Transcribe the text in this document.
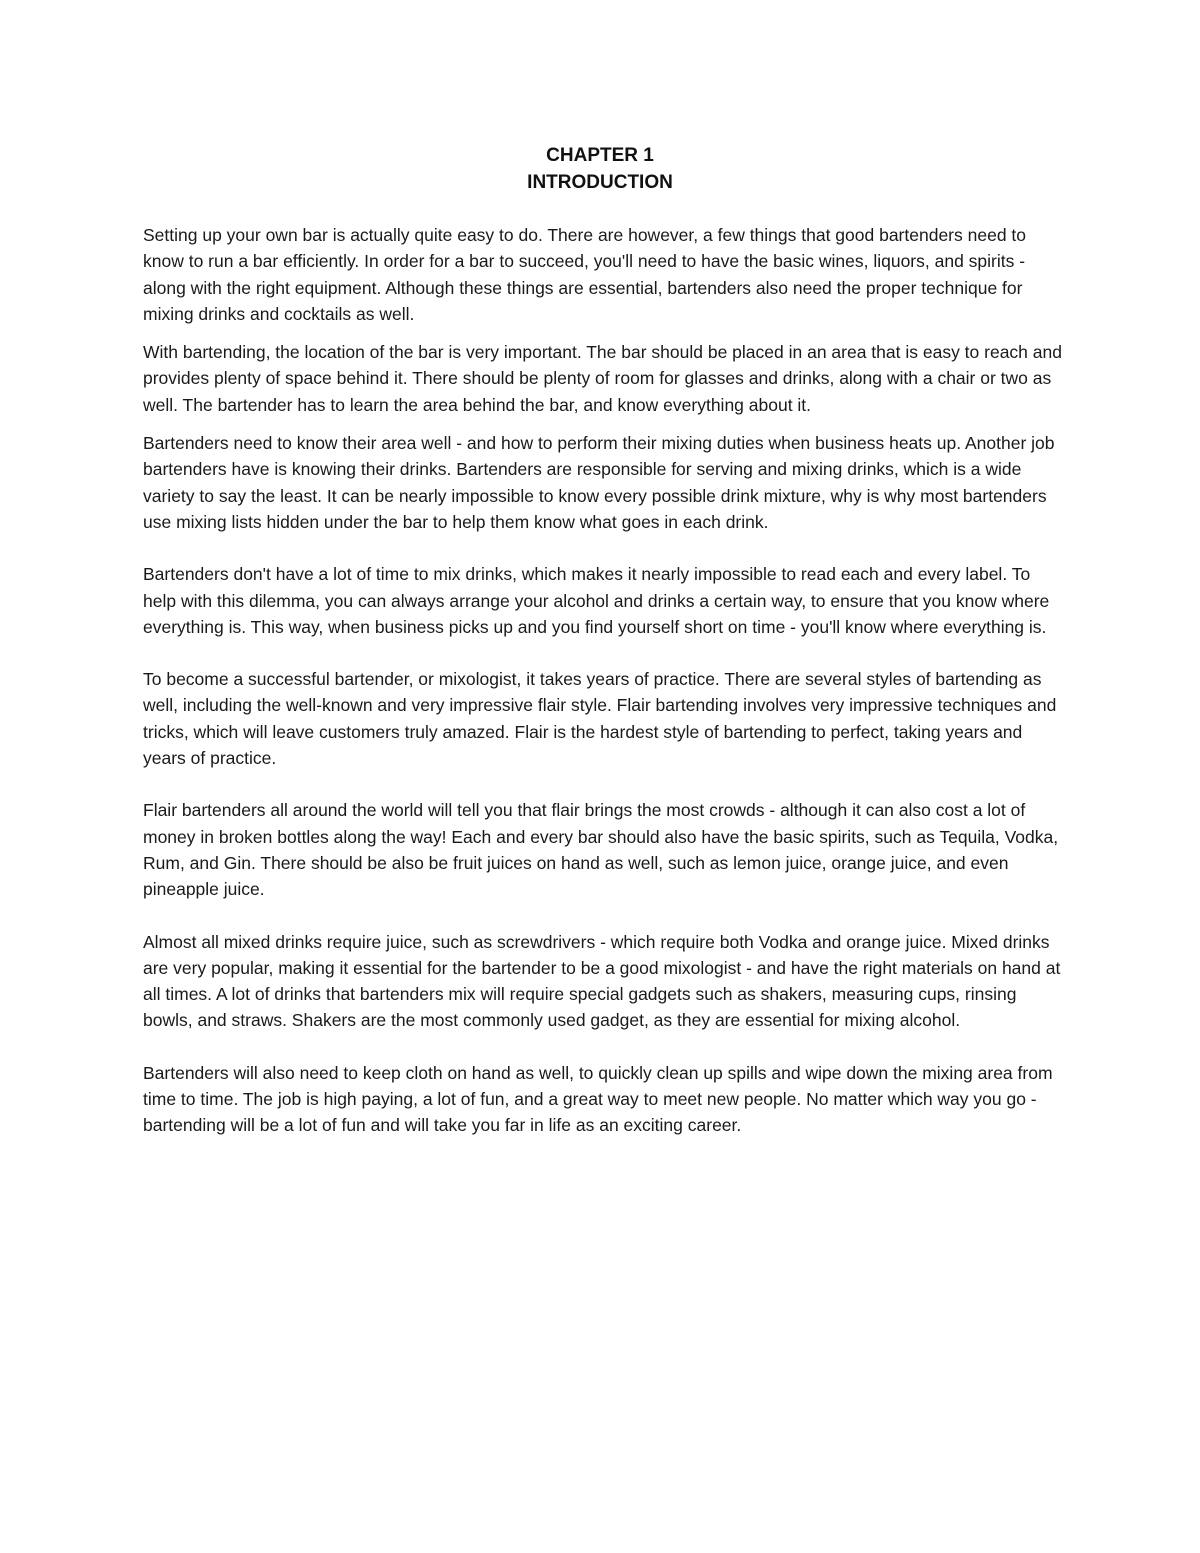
CHAPTER 1
INTRODUCTION

Setting up your own bar is actually quite easy to do. There are however, a few things that good bartenders need to know to run a bar efficiently. In order for a bar to succeed, you'll need to have the basic wines, liquors, and spirits - along with the right equipment. Although these things are essential, bartenders also need the proper technique for mixing drinks and cocktails as well.

With bartending, the location of the bar is very important. The bar should be placed in an area that is easy to reach and provides plenty of space behind it. There should be plenty of room for glasses and drinks, along with a chair or two as well. The bartender has to learn the area behind the bar, and know everything about it.

Bartenders need to know their area well - and how to perform their mixing duties when business heats up. Another job bartenders have is knowing their drinks. Bartenders are responsible for serving and mixing drinks, which is a wide variety to say the least. It can be nearly impossible to know every possible drink mixture, why is why most bartenders use mixing lists hidden under the bar to help them know what goes in each drink.

Bartenders don't have a lot of time to mix drinks, which makes it nearly impossible to read each and every label. To help with this dilemma, you can always arrange your alcohol and drinks a certain way, to ensure that you know where everything is. This way, when business picks up and you find yourself short on time - you'll know where everything is.

To become a successful bartender, or mixologist, it takes years of practice. There are several styles of bartending as well, including the well-known and very impressive flair style. Flair bartending involves very impressive techniques and tricks, which will leave customers truly amazed. Flair is the hardest style of bartending to perfect, taking years and years of practice.

Flair bartenders all around the world will tell you that flair brings the most crowds - although it can also cost a lot of money in broken bottles along the way! Each and every bar should also have the basic spirits, such as Tequila, Vodka, Rum, and Gin. There should be also be fruit juices on hand as well, such as lemon juice, orange juice, and even pineapple juice.

Almost all mixed drinks require juice, such as screwdrivers - which require both Vodka and orange juice. Mixed drinks are very popular, making it essential for the bartender to be a good mixologist - and have the right materials on hand at all times. A lot of drinks that bartenders mix will require special gadgets such as shakers, measuring cups, rinsing bowls, and straws. Shakers are the most commonly used gadget, as they are essential for mixing alcohol.

Bartenders will also need to keep cloth on hand as well, to quickly clean up spills and wipe down the mixing area from time to time. The job is high paying, a lot of fun, and a great way to meet new people. No matter which way you go - bartending will be a lot of fun and will take you far in life as an exciting career.
